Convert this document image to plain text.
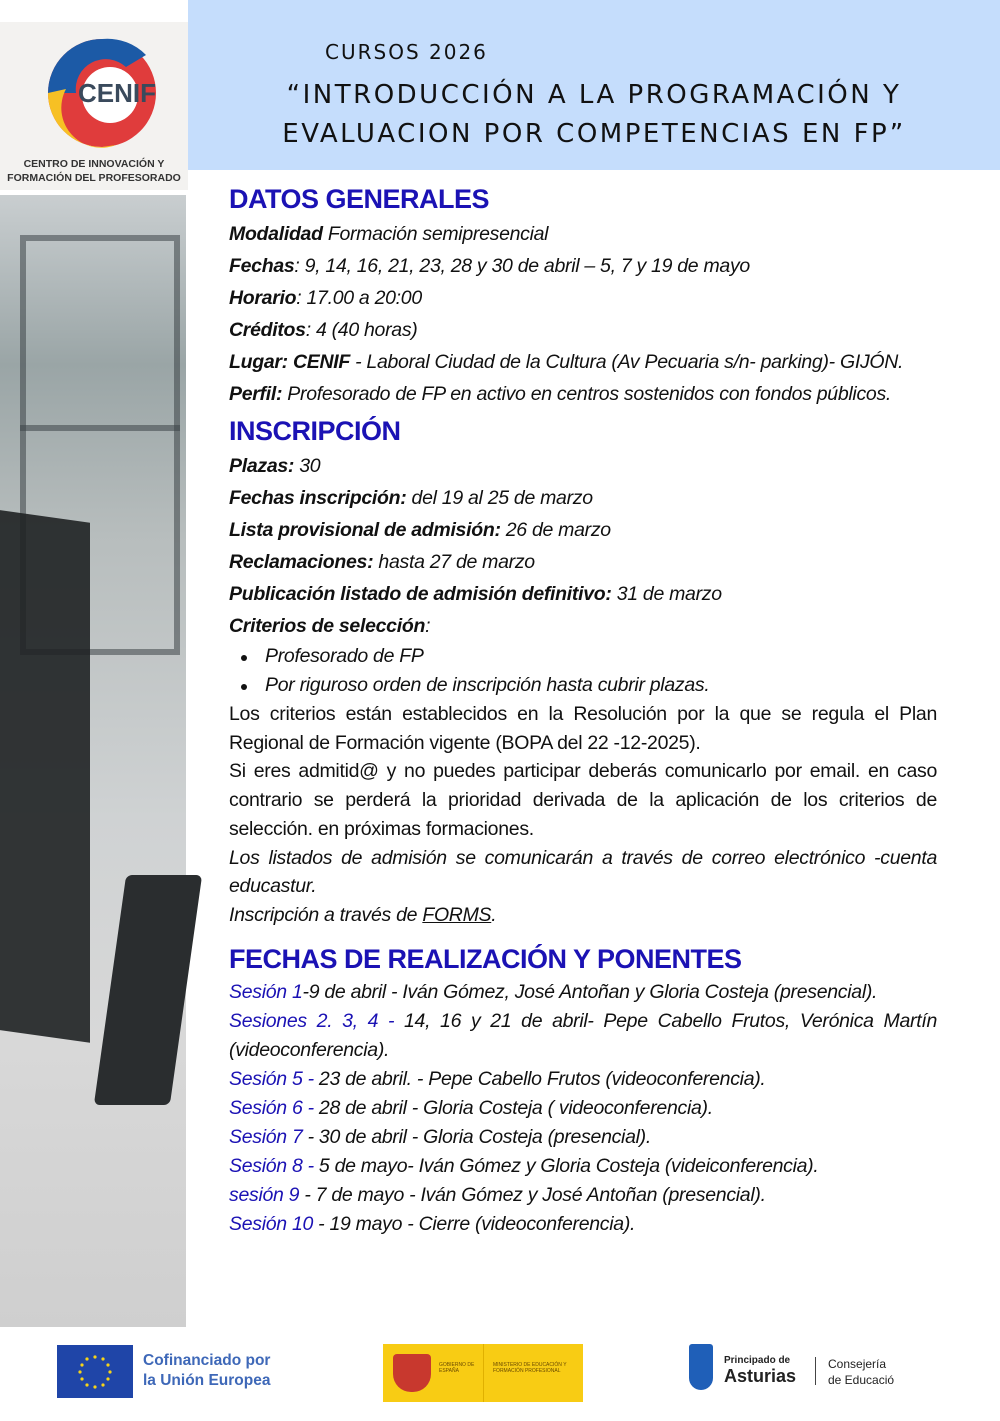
CENIF
CENTRO DE INNOVACIÓN Y
FORMACIÓN DEL PROFESORADO
CURSOS 2026
“INTRODUCCIÓN A LA PROGRAMACIÓN Y
EVALUACION POR COMPETENCIAS EN FP”
DATOS GENERALES
Modalidad Formación semipresencial
Fechas: 9, 14, 16, 21, 23, 28 y 30 de abril – 5, 7 y 19 de mayo
Horario: 17.00 a 20:00
Créditos: 4 (40 horas)
Lugar: CENIF - Laboral Ciudad de la Cultura (Av Pecuaria s/n- parking)- GIJÓN.
Perfil: Profesorado de FP en activo en centros sostenidos con fondos públicos.
INSCRIPCIÓN
Plazas: 30
Fechas inscripción: del 19 al 25 de marzo
Lista provisional de admisión: 26 de marzo
Reclamaciones: hasta 27 de marzo
Publicación listado de admisión definitivo: 31 de marzo
Criterios de selección:
Profesorado de FP
Por riguroso orden de inscripción hasta cubrir plazas.
Los criterios están establecidos en la Resolución por la que se regula el Plan Regional de Formación vigente (BOPA del 22 -12-2025).
Si eres admitid@ y no puedes participar deberás comunicarlo por email. en caso contrario se perderá la prioridad derivada de la aplicación de los criterios de selección. en próximas formaciones.
Los listados de admisión se comunicarán a través de correo electrónico -cuenta educastur.
Inscripción a través de FORMS.
FECHAS DE REALIZACIÓN Y PONENTES
Sesión 1-9 de abril - Iván Gómez, José Antoñan y Gloria Costeja (presencial).
Sesiones 2. 3, 4 - 14, 16 y 21 de abril- Pepe Cabello Frutos, Verónica Martín (videoconferencia).
Sesión 5 - 23 de abril. - Pepe Cabello Frutos (videoconferencia).
Sesión 6 - 28 de abril - Gloria Costeja ( videoconferencia).
Sesión 7 - 30 de abril - Gloria Costeja (presencial).
Sesión 8 - 5 de mayo- Iván Gómez y Gloria Costeja (videiconferencia).
sesión 9 - 7 de mayo - Iván Gómez y José Antoñan (presencial).
Sesión 10 - 19 mayo - Cierre (videoconferencia).
Cofinanciado por
la Unión Europea
GOBIERNO DE ESPAÑA
MINISTERIO DE EDUCACIÓN Y FORMACIÓN PROFESIONAL
Principado de
Asturias
Consejería
de Educació
